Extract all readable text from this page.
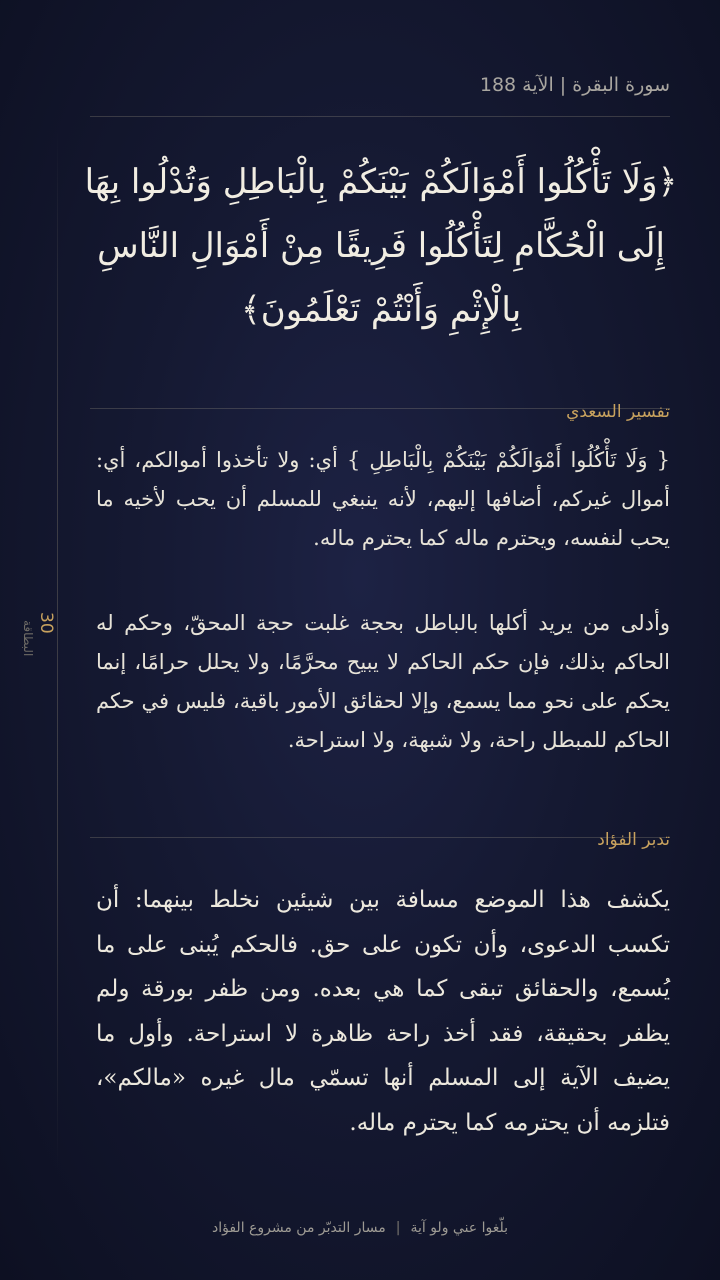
30
البطاقة
سورة البقرة | الآية 188
﴿وَلَا تَأْكُلُوا أَمْوَالَكُمْ بَيْنَكُمْ بِالْبَاطِلِ وَتُدْلُوا بِهَا إِلَى الْحُكَّامِ لِتَأْكُلُوا فَرِيقًا مِنْ أَمْوَالِ النَّاسِ بِالْإِثْمِ وَأَنْتُمْ تَعْلَمُونَ﴾
تفسير السعدي
{ وَلَا تَأْكُلُوا أَمْوَالَكُمْ بَيْنَكُمْ بِالْبَاطِلِ } أي: ولا تأخذوا أموالكم، أي: أموال غيركم، أضافها إليهم، لأنه ينبغي للمسلم أن يحب لأخيه ما يحب لنفسه، ويحترم ماله كما يحترم ماله.
وأدلى من يريد أكلها بالباطل بحجة غلبت حجة المحقّ، وحكم له الحاكم بذلك، فإن حكم الحاكم لا يبيح محرَّمًا، ولا يحلل حرامًا، إنما يحكم على نحو مما يسمع، وإلا لحقائق الأمور باقية، فليس في حكم الحاكم للمبطل راحة، ولا شبهة، ولا استراحة.
تدبر الفؤاد
يكشف هذا الموضع مسافة بين شيئين نخلط بينهما: أن تكسب الدعوى، وأن تكون على حق. فالحكم يُبنى على ما يُسمع، والحقائق تبقى كما هي بعده. ومن ظفر بورقة ولم يظفر بحقيقة، فقد أخذ راحة ظاهرة لا استراحة. وأول ما يضيف الآية إلى المسلم أنها تسمّي مال غيره «مالكم»، فتلزمه أن يحترمه كما يحترم ماله.
بلّغوا عني ولو آية|مسار التدبّر من مشروع الفؤاد
